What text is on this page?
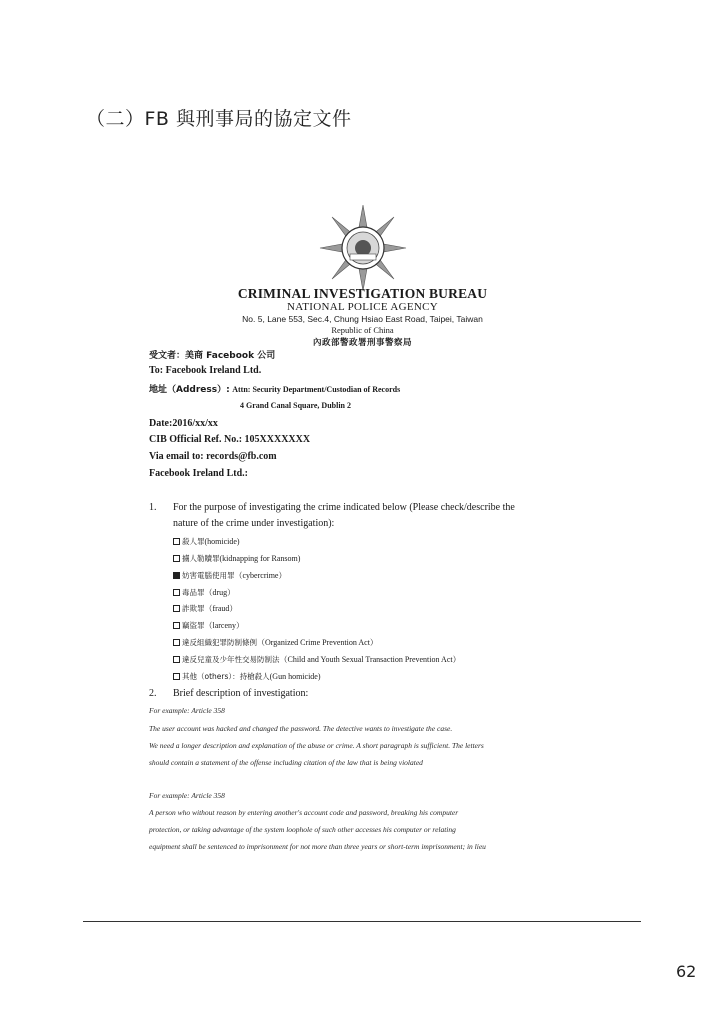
（二）FB 與刑事局的協定文件
CRIMINAL INVESTIGATION BUREAU
NATIONAL POLICE AGENCY
No. 5, Lane 553, Sec.4, Chung Hsiao East Road, Taipei, Taiwan
Republic of China
內政部警政署刑事警察局
受文者：美商 Facebook 公司
To: Facebook Ireland Ltd.
地址（Address）: Attn: Security Department/Custodian of Records
4 Grand Canal Square, Dublin 2
Date:2016/xx/xx
CIB Official Ref. No.: 105XXXXXXX
Via email to: records@fb.com
Facebook Ireland Ltd.:
1. For the purpose of investigating the crime indicated below (Please check/describe the
nature of the crime under investigation):
殺人罪 (homicide)
擄人勒贖罪 (kidnapping for Ransom)
妨害電腦使用罪 （cybercrime）
毒品罪 （drug）
詐欺罪 （fraud）
竊盜罪 （larceny）
違反組織犯罪防制條例 （Organized Crime Prevention Act）
違反兒童及少年性交易防制法 （Child and Youth Sexual Transaction Prevention Act）
其他（others）：持槍殺人 (Gun homicide)
2. Brief description of investigation:
For example: Article 358
The user account was hacked and changed the password. The detective wants to investigate the case.
We need a longer description and explanation of the abuse or crime. A short paragraph is sufficient. The letters
should contain a statement of the offense including citation of the law that is being violated
For example: Article 358
A person who without reason by entering another's account code and password, breaking his computer
protection, or taking advantage of the system loophole of such other accesses his computer or relating
equipment shall be sentenced to imprisonment for not more than three years or short-term imprisonment; in lieu
62
